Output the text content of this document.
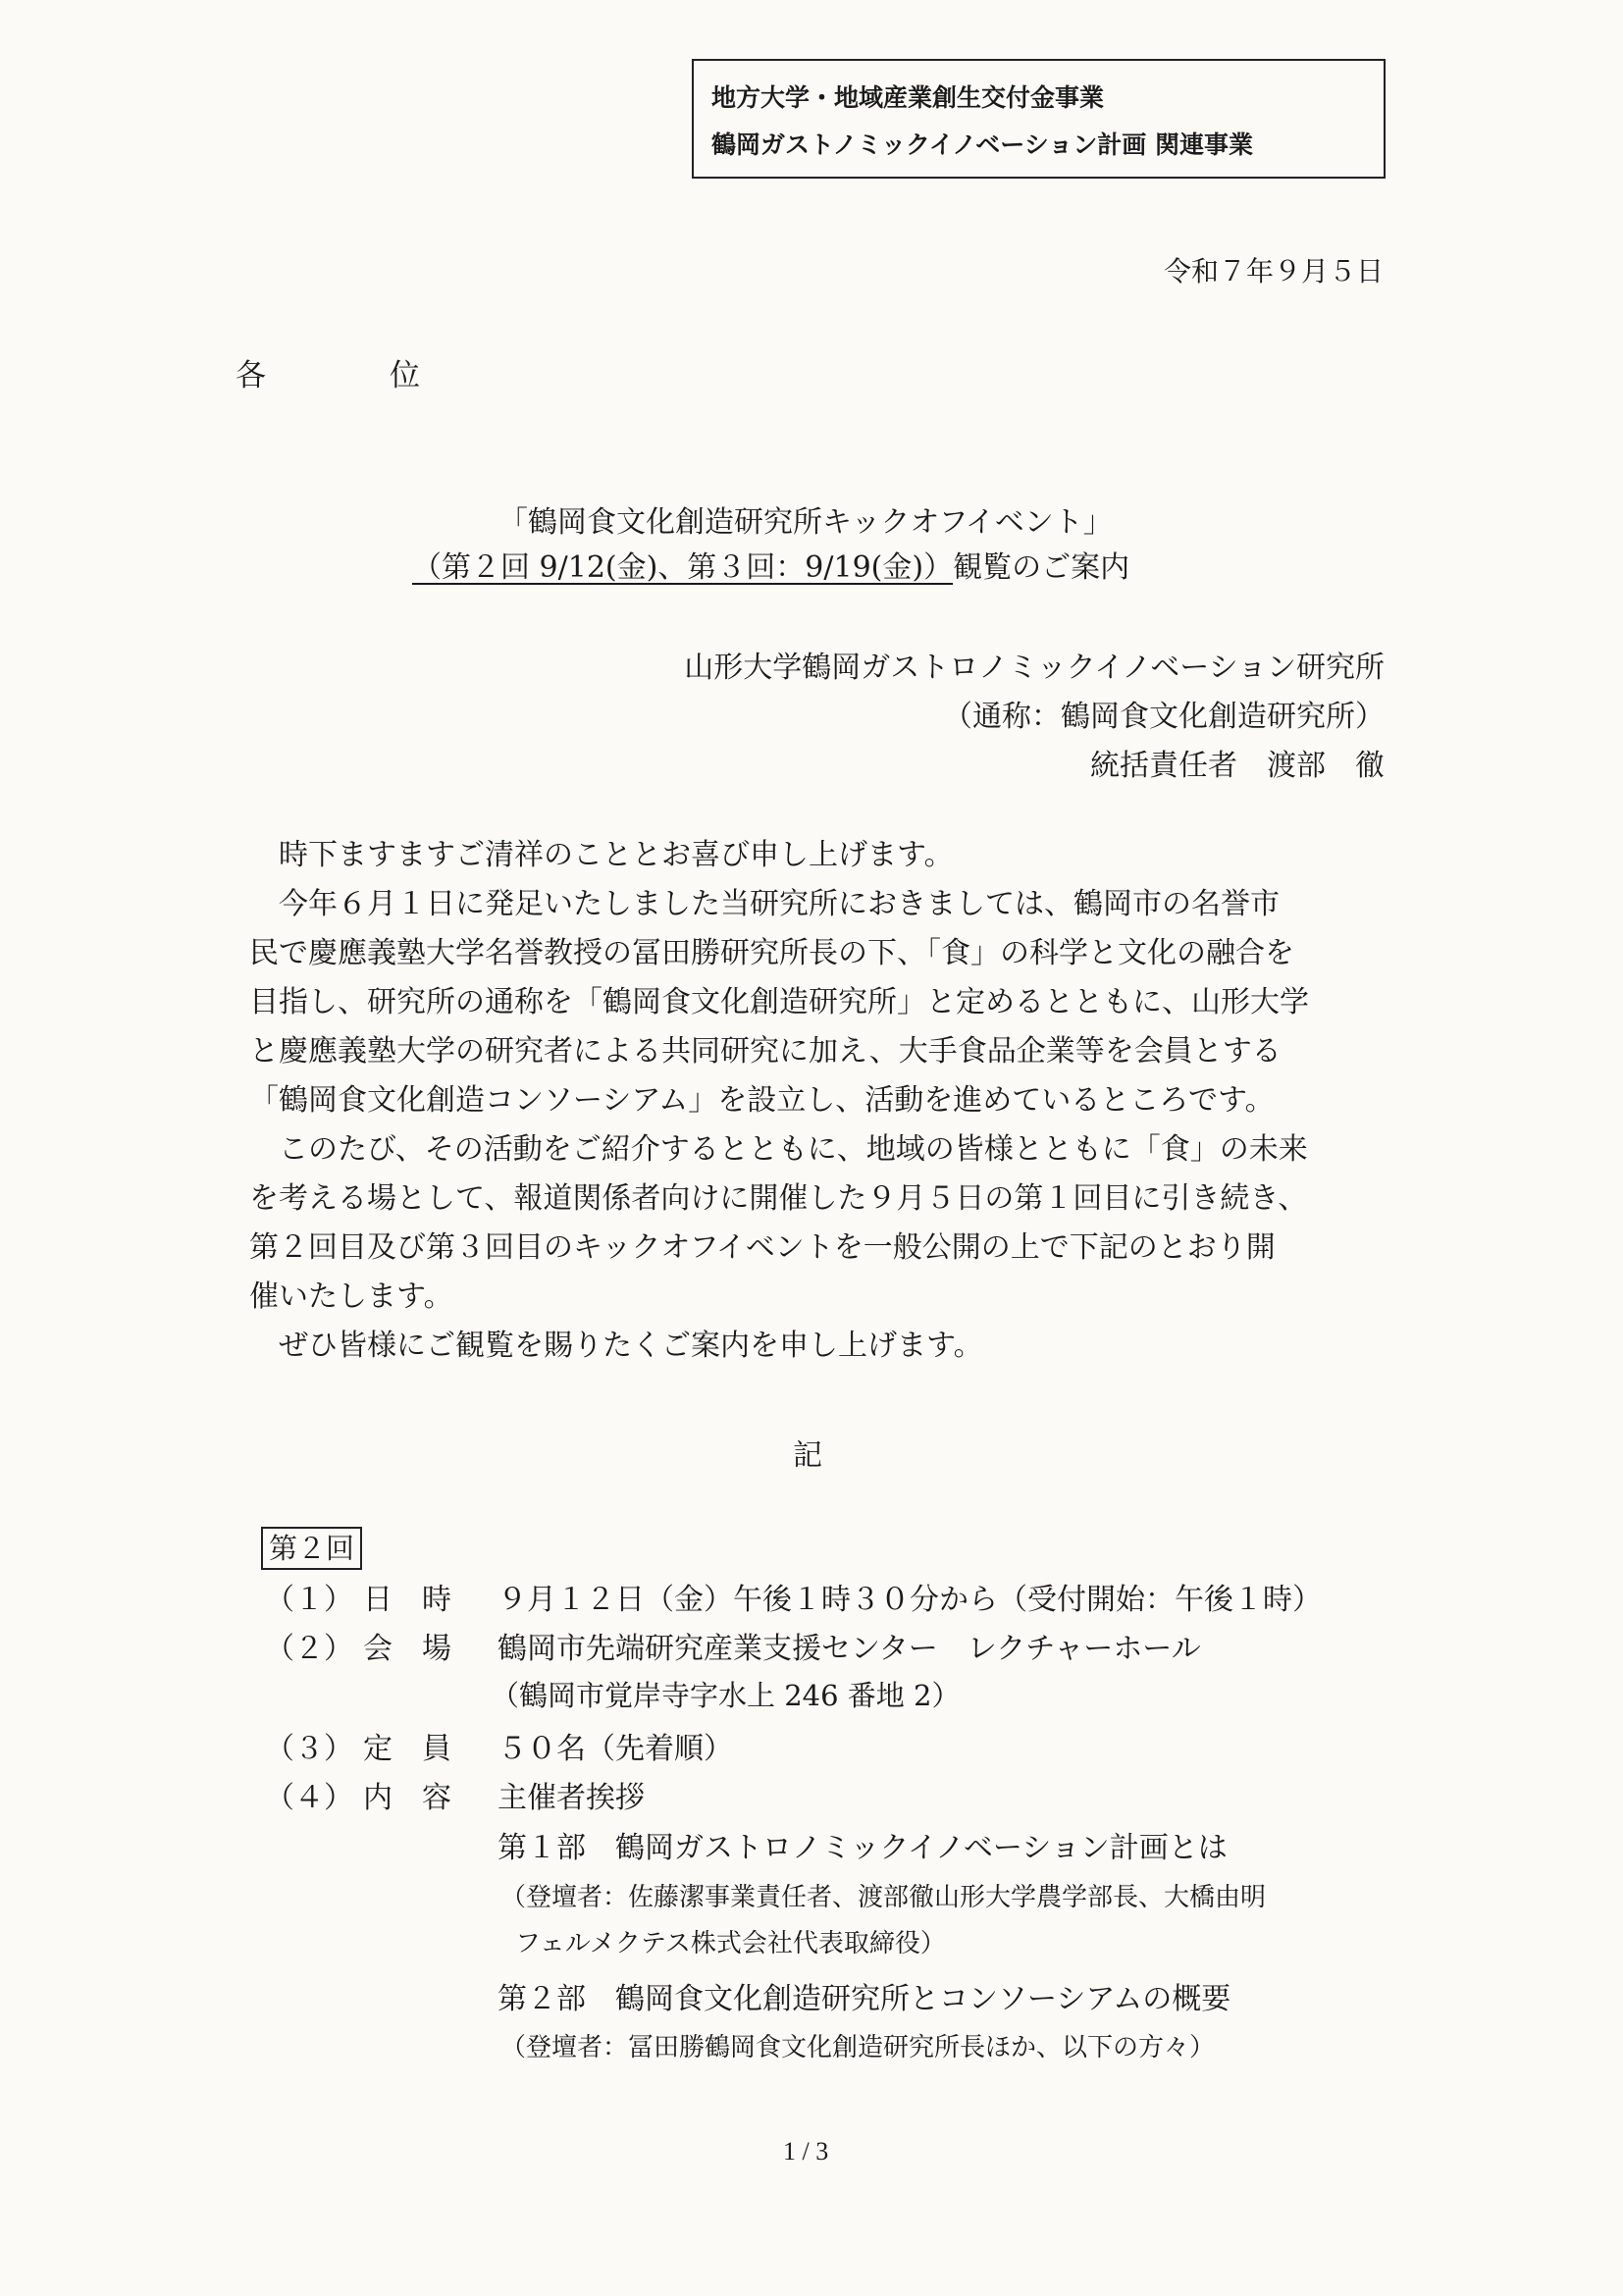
地方大学・地域産業創生交付金事業
鶴岡ガストノミックイノベーション計画 関連事業
令和７年９月５日
各	位
「鶴岡食文化創造研究所キックオフイベント」
（第２回 9/12(金)、第３回：9/19(金)）観覧のご案内
山形大学鶴岡ガストロノミックイノベーション研究所
（通称：鶴岡食文化創造研究所）
統括責任者　渡部　徹
時下ますますご清祥のこととお喜び申し上げます。
今年６月１日に発足いたしました当研究所におきましては、鶴岡市の名誉市
民で慶應義塾大学名誉教授の冨田勝研究所長の下、「食」の科学と文化の融合を
目指し、研究所の通称を「鶴岡食文化創造研究所」と定めるとともに、山形大学
と慶應義塾大学の研究者による共同研究に加え、大手食品企業等を会員とする
「鶴岡食文化創造コンソーシアム」を設立し、活動を進めているところです。
このたび、その活動をご紹介するとともに、地域の皆様とともに「食」の未来
を考える場として、報道関係者向けに開催した９月５日の第１回目に引き続き、
第２回目及び第３回目のキックオフイベントを一般公開の上で下記のとおり開
催いたします。
ぜひ皆様にご観覧を賜りたくご案内を申し上げます。
記
第２回
（１） 日　時 ９月１２日（金）午後１時３０分から（受付開始：午後１時）
（２） 会　場 鶴岡市先端研究産業支援センター　レクチャーホール
（鶴岡市覚岸寺字水上 246 番地 2）
（３） 定　員 ５０名（先着順）
（４） 内　容 主催者挨拶
第１部　鶴岡ガストロノミックイノベーション計画とは
（登壇者：佐藤潔事業責任者、渡部徹山形大学農学部長、大橋由明
フェルメクテス株式会社代表取締役）
第２部　鶴岡食文化創造研究所とコンソーシアムの概要
（登壇者：冨田勝鶴岡食文化創造研究所長ほか、以下の方々）
1 / 3
